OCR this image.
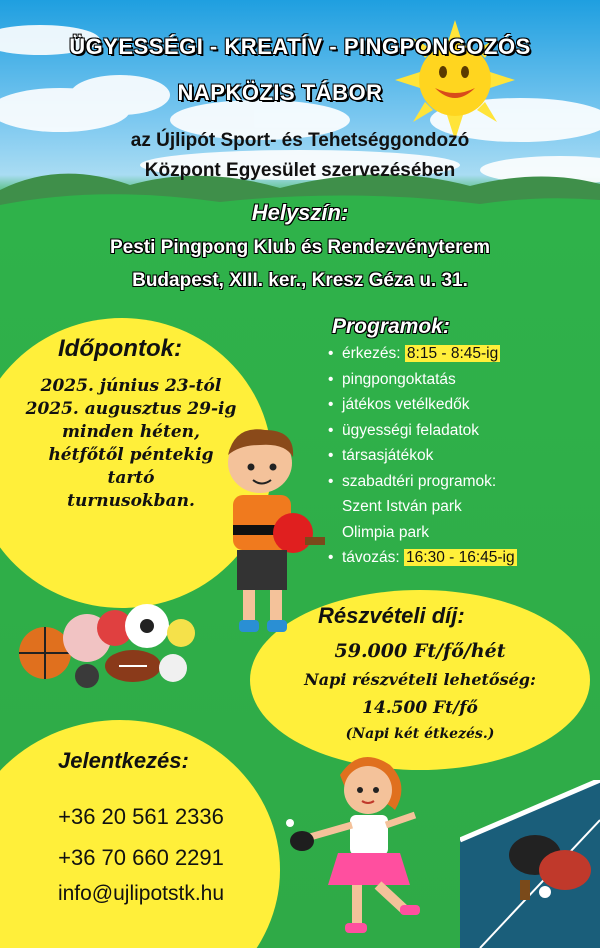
ÜGYESSÉGI - KREATÍV - PINGPONGOZÓS
NAPKÖZIS TÁBOR
az Újlipót Sport- és Tehetséggondozó
Központ Egyesület szervezésében
Helyszín:
Pesti Pingpong Klub és Rendezvényterem
Budapest, XIII. ker., Kresz Géza u. 31.
Időpontok:
2025. június 23-tól
2025. augusztus 29-ig
minden héten,
hétfőtől péntekig
tartó
turnusokban.
Programok:
• érkezés: 8:15 - 8:45-ig
• pingpongoktatás
• játékos vetélkedők
• ügyességi feladatok
• társasjátékok
• szabadtéri programok:
Szent István park
Olimpia park
• távozás: 16:30 - 16:45-ig
Részvételi díj:
59.000 Ft/fő/hét
Napi részvételi lehetőség:
14.500 Ft/fő
(Napi két étkezés.)
Jelentkezés:
+36 20 561 2336
+36 70 660 2291
info@ujlipotstk.hu
